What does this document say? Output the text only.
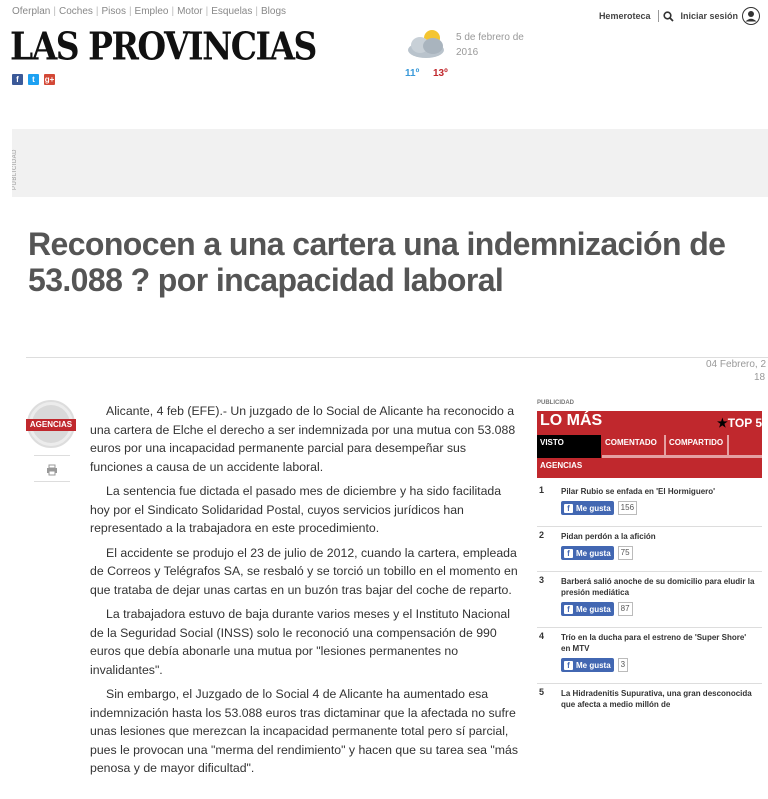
Oferplan | Coches | Pisos | Empleo | Motor | Esquelas | Blogs	Hemeroteca	Iniciar sesión
LAS PROVINCIAS
f	t	g+
5 de febrero de 2016
11º 13º
PUBLICIDAD
Reconocen a una cartera una indemnización de 53.088 ? por incapacidad laboral
04 Febrero, 2
18
AGENCIAS

Alicante, 4 feb (EFE).- Un juzgado de lo Social de Alicante ha reconocido a una cartera de Elche el derecho a ser indemnizada por una mutua con 53.088 euros por una incapacidad permanente parcial para desempeñar sus funciones a causa de un accidente laboral.

La sentencia fue dictada el pasado mes de diciembre y ha sido facilitada hoy por el Sindicato Solidaridad Postal, cuyos servicios jurídicos han representado a la trabajadora en este procedimiento.

El accidente se produjo el 23 de julio de 2012, cuando la cartera, empleada de Correos y Telégrafos SA, se resbaló y se torció un tobillo en el momento en que trataba de dejar unas cartas en un buzón tras bajar del coche de reparto.

La trabajadora estuvo de baja durante varios meses y el Instituto Nacional de la Seguridad Social (INSS) solo le reconoció una compensación de 990 euros que debía abonarle una mutua por "lesiones permanentes no invalidantes".

Sin embargo, el Juzgado de lo Social 4 de Alicante ha aumentado esa indemnización hasta los 53.088 euros tras dictaminar que la afectada no sufre unas lesiones que merezcan la incapacidad permanente total pero sí parcial, pues le provocan una "merma del rendimiento" y hacen que su tarea sea "más penosa y de mayor dificultad".

PUBLICIDAD
LO MÁS	★TOP 5
VISTO	COMENTADO COMPARTIDO
AGENCIAS
1 Pilar Rubio se enfada en 'El Hormiguero'
f Me gusta	156
2 Pidan perdón a la afición
f Me gusta	75
3 Barberá salió anoche de su domicilio para eludir la presión mediática
f Me gusta	87
4 Trío en la ducha para el estreno de 'Super Shore' en MTV
f Me gusta	3
5 La Hidradenitis Supurativa, una gran desconocida que afecta a medio millón de
